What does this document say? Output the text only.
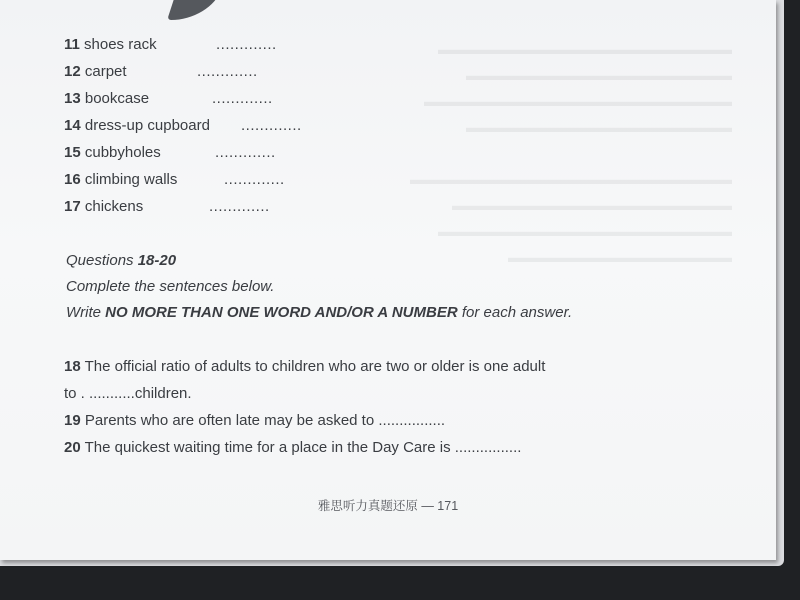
▬▬▬▬▬▬▬▬▬▬▬▬▬▬▬▬▬▬▬▬▬
▬▬▬▬▬▬▬▬▬▬▬▬▬▬▬▬▬▬▬
▬▬▬▬▬▬▬▬▬▬▬▬▬▬▬▬▬▬▬▬▬▬
▬▬▬▬▬▬▬▬▬▬▬▬▬▬▬▬▬▬▬

▬▬▬▬▬▬▬▬▬▬▬▬▬▬▬▬▬▬▬▬▬▬▬
▬▬▬▬▬▬▬▬▬▬▬▬▬▬▬▬▬▬▬▬
▬▬▬▬▬▬▬▬▬▬▬▬▬▬▬▬▬▬▬▬▬
▬▬▬▬▬▬▬▬▬▬▬▬▬▬▬▬
11 shoes rack	.............
12 carpet	.............
13 bookcase	.............
14 dress-up cupboard .............
15 cubbyholes	.............
16 climbing walls	.............
17 chickens	.............
Questions 18-20
Complete the sentences below.
Write NO MORE THAN ONE WORD AND/OR A NUMBER for each answer.
18 The official ratio of adults to children who are two or older is one adult
to . ...........children.
19 Parents who are often late may be asked to ................
20 The quickest waiting time for a place in the Day Care is ................
雅思听力真题还原 — 171
